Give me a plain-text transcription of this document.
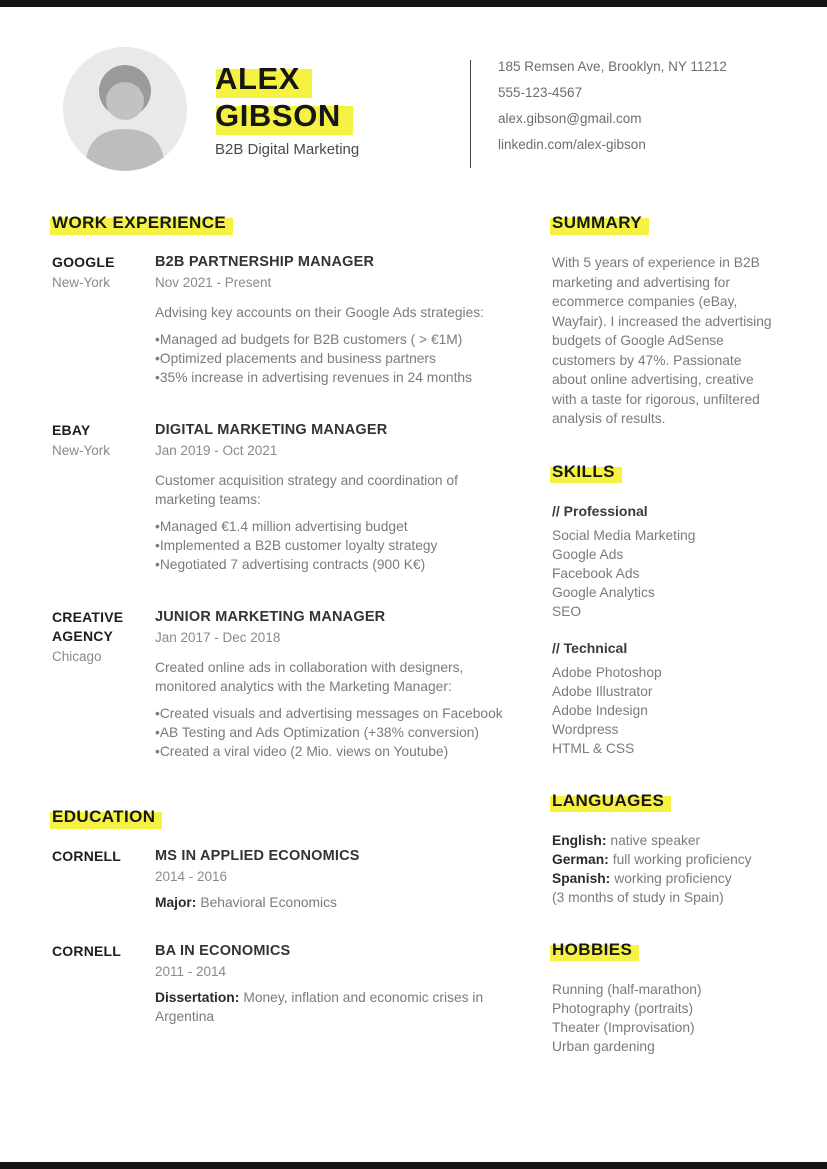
ALEX
GIBSON
B2B Digital Marketing
185 Remsen Ave, Brooklyn, NY 11212
555-123-4567
alex.gibson@gmail.com
linkedin.com/alex-gibson
WORK EXPERIENCE
GOOGLE
New-York
B2B PARTNERSHIP MANAGER
Nov 2021 - Present

Advising key accounts on their Google Ads strategies:

• Managed ad budgets for B2B customers ( > €1M)
• Optimized placements and business partners
• 35% increase in advertising revenues in 24 months
EBAY
New-York
DIGITAL MARKETING MANAGER
Jan 2019 - Oct 2021

Customer acquisition strategy and coordination of marketing teams:

• Managed €1.4 million advertising budget
• Implemented a B2B customer loyalty strategy
• Negotiated 7 advertising contracts (900 K€)
CREATIVE AGENCY
Chicago
JUNIOR MARKETING MANAGER
Jan 2017 - Dec 2018

Created online ads in collaboration with designers, monitored analytics with the Marketing Manager:

• Created visuals and advertising messages on Facebook
• AB Testing and Ads Optimization (+38% conversion)
• Created a viral video (2 Mio. views on Youtube)
EDUCATION
CORNELL	MS IN APPLIED ECONOMICS
2014 - 2016

Major: Behavioral Economics

CORNELL	BA IN ECONOMICS
2011 - 2014

Dissertation: Money, inflation and economic crises in Argentina

SUMMARY

With 5 years of experience in B2B marketing and advertising for ecommerce companies (eBay, Wayfair). I increased the advertising budgets of Google AdSense customers by 47%. Passionate about online advertising, creative with a taste for rigorous, unfiltered analysis of results.

SKILLS
// Professional
Social Media Marketing
Google Ads
Facebook Ads
Google Analytics
SEO
// Technical
Adobe Photoshop
Adobe Illustrator
Adobe Indesign
Wordpress
HTML & CSS
LANGUAGES
English: native speaker
German: full working proficiency
Spanish: working proficiency
(3 months of study in Spain)
HOBBIES
Running (half-marathon)
Photography (portraits)
Theater (Improvisation)
Urban gardening
